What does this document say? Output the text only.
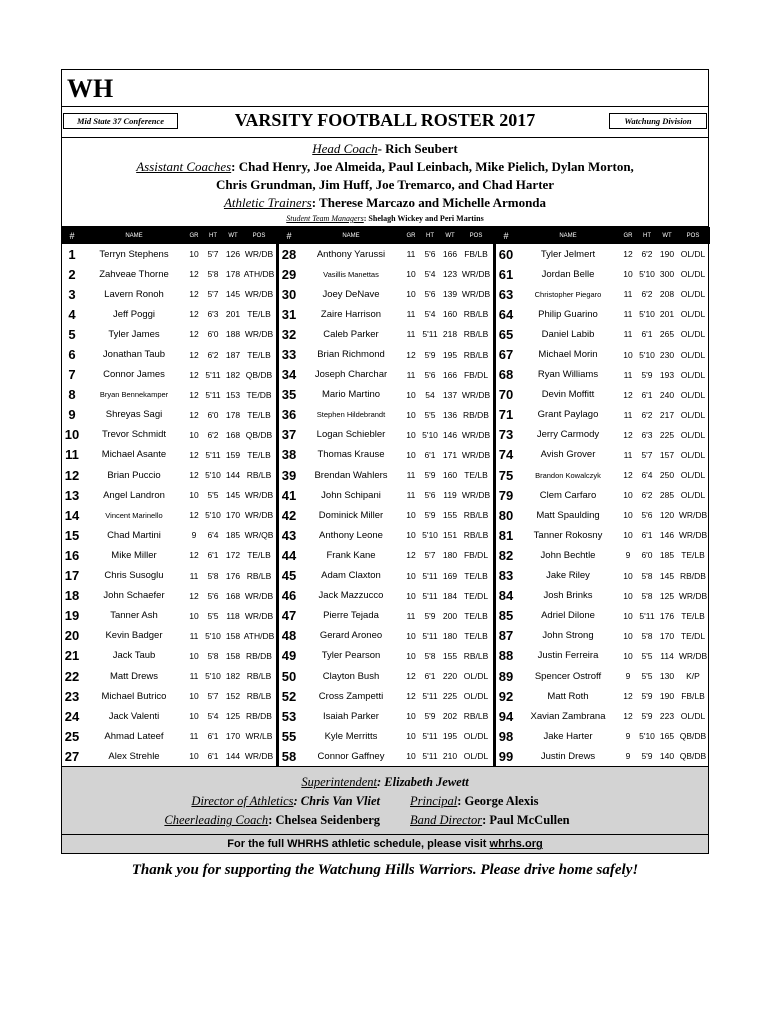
WH
Mid State 37 Conference	VARSITY FOOTBALL ROSTER 2017	Watchung Division
Head Coach- Rich Seubert
Assistant Coaches: Chad Henry, Joe Almeida, Paul Leinbach, Mike Pielich, Dylan Morton,
Chris Grundman, Jim Huff, Joe Tremarco, and Chad Harter
Athletic Trainers: Therese Marcazo and Michelle Armonda
Student Team Managers: Shelagh Wickey and Peri Martins
#	NAME	GR	HT	WT	POS
1	Terryn Stephens	10	5'7 126 WR/DB
2	Zahveae Thorne	12	5'8 178 ATH/DB
3	Lavern Ronoh	12	5'7 145 WR/DB
4	Jeff Poggi	12	6'3 201 TE/LB
5	Tyler James	12	6'0 188 WR/DB
6	Jonathan Taub	12	6'2 187 TE/LB
7	Connor James	12 5'11 182 QB/DB
8	Bryan Bennekamper	12 5'11 153 TE/DB
9	Shreyas Sagi	12	6'0 178 TE/LB
10	Trevor Schmidt	10	6'2 168 QB/DB
11	Michael Asante	12 5'11 159 TE/LB
12	Brian Puccio	12 5'10 144 RB/LB
13	Angel Landron	10	5'5 145 WR/DB
14	Vincent Marinello	12 5'10 170 WR/DB
15	Chad Martini	9	6'4 185 WR/QB
16	Mike Miller	12	6'1 172 TE/LB
17	Chris Susoglu	11	5'8 176 RB/LB
18	John Schaefer	12	5'6 168 WR/DB
19	Tanner Ash	10	5'5 118 WR/DB
20	Kevin Badger	11 5'10 158 ATH/DB
21	Jack Taub	10	5'8 158 RB/DB
22	Matt Drews	11 5'10 182 RB/LB
23	Michael Butrico	10	5'7 152 RB/LB
24	Jack Valenti	10	5'4 125 RB/DB
25	Ahmad Lateef	11	6'1 170 WR/LB
27	Alex Strehle	10	6'1 144 WR/DB
#	NAME	GR	HT	WT	POS
28	Anthony Yarussi	11	5'6 166 FB/LB
29	Vasillis Manettas	10	5'4 123 WR/DB
30	Joey DeNave	10	5'6 139 WR/DB
31	Zaire Harrison	11	5'4 160 RB/LB
32	Caleb Parker	11 5'11 218 RB/LB
33	Brian Richmond	12	5'9 195 RB/LB
34	Joseph Charchar	11	5'6 166 FB/DL
35	Mario Martino	10	54 137 WR/DB
36	Stephen Hildebrandt	10	5'5 136 RB/DB
37	Logan Schiebler	10 5'10 146 WR/DB
38	Thomas Krause	10	6'1 171 WR/DB
39	Brendan Wahlers	11	5'9 160 TE/LB
41	John Schipani	11	5'6 119 WR/DB
42	Dominick Miller	10	5'9 155 RB/LB
43	Anthony Leone	10 5'10 151 RB/LB
44	Frank Kane	12	5'7 180 FB/DL
45	Adam Claxton	10 5'11 169 TE/LB
46	Jack Mazzucco	10 5'11 184 TE/DL
47	Pierre Tejada	11	5'9 200 TE/LB
48	Gerard Aroneo	10 5'11 180 TE/LB
49	Tyler Pearson	10	5'8 155 RB/LB
50	Clayton Bush	12	6'1 220 OL/DL
52	Cross Zampetti	12 5'11 225 OL/DL
53	Isaiah Parker	10	5'9 202 RB/LB
55	Kyle Merritts	10 5'11 195 OL/DL
58	Connor Gaffney	10 5'11 210 OL/DL
#	NAME	GR	HT	WT	POS
60	Tyler Jelmert	12	6'2 190 OL/DL
61	Jordan Belle	10 5'10 300 OL/DL
63	Christopher Piegaro	11	6'2 208 OL/DL
64	Philip Guarino	11 5'10 201 OL/DL
65	Daniel Labib	11	6'1 265 OL/DL
67	Michael Morin	10 5'10 230 OL/DL
68	Ryan Williams	11	5'9 193 OL/DL
70	Devin Moffitt	12	6'1 240 OL/DL
71	Grant Paylago	11	6'2 217 OL/DL
73	Jerry Carmody	12	6'3 225 OL/DL
74	Avish Grover	11	5'7 157 OL/DL
75	Brandon Kowalczyk	12	6'4 250 OL/DL
79	Clem Carfaro	10	6'2 285 OL/DL
80	Matt Spaulding	10	5'6 120 WR/DB
81	Tanner Rokosny	10	6'1 146 WR/DB
82	John Bechtle	9	6'0 185 TE/LB
83	Jake Riley	10	5'8 145 RB/DB
84	Josh Brinks	10	5'8 125 WR/DB
85	Adriel Dilone	10 5'11 176 TE/LB
87	John Strong	10	5'8 170 TE/DL
88	Justin Ferreira	10	5'5 114 WR/DB
89	Spencer Ostroff	9	5'5 130	K/P
92	Matt Roth	12	5'9 190 FB/LB
94	Xavian Zambrana	12	5'9 223 OL/DL
98	Jake Harter	9	5'10 165 QB/DB
99	Justin Drews	9	5'9 140 QB/DB
Superintendent: Elizabeth Jewett
Director of Athletics: Chris Van Vliet	Principal: George Alexis
Cheerleading Coach: Chelsea Seidenberg	Band Director: Paul McCullen
For the full WHRHS athletic schedule, please visit whrhs.org
Thank you for supporting the Watchung Hills Warriors. Please drive home safely!
